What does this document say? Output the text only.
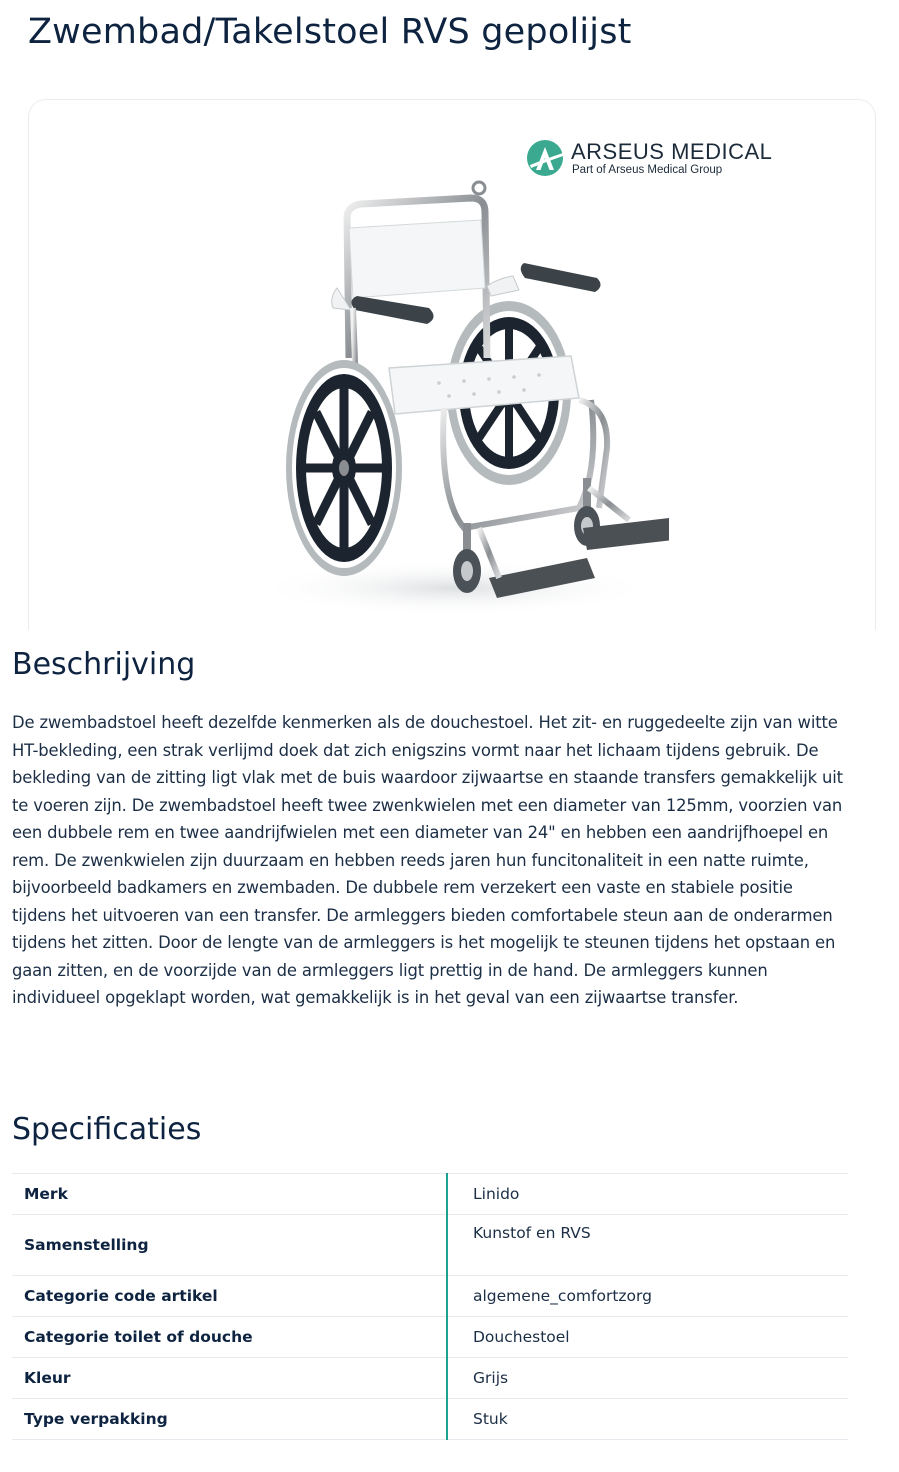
Zwembad/Takelstoel RVS gepolijst
ARSEUS MEDICAL
Part of Arseus Medical Group
Beschrijving

De zwembadstoel heeft dezelfde kenmerken als de douchestoel. Het zit- en ruggedeelte zijn van witte HT-bekleding, een strak verlijmd doek dat zich enigszins vormt naar het lichaam tijdens gebruik. De bekleding van de zitting ligt vlak met de buis waardoor zijwaartse en staande transfers gemakkelijk uit te voeren zijn. De zwembadstoel heeft twee zwenkwielen met een diameter van 125mm, voorzien van een dubbele rem en twee aandrijfwielen met een diameter van 24" en hebben een aandrijfhoepel en rem. De zwenkwielen zijn duurzaam en hebben reeds jaren hun funcitonaliteit in een natte ruimte, bijvoorbeeld badkamers en zwembaden. De dubbele rem verzekert een vaste en stabiele positie tijdens het uitvoeren van een transfer. De armleggers bieden comfortabele steun aan de onderarmen tijdens het zitten. Door de lengte van de armleggers is het mogelijk te steunen tijdens het opstaan en gaan zitten, en de voorzijde van de armleggers ligt prettig in de hand. De armleggers kunnen individueel opgeklapt worden, wat gemakkelijk is in het geval van een zijwaartse transfer.

Specificaties
Merk	Linido

Samenstelling	Kunstof en RVS

Categorie code artikel	algemene_comfortzorg

Categorie toilet of douche	Douchestoel

Kleur	Grijs

Type verpakking	Stuk
